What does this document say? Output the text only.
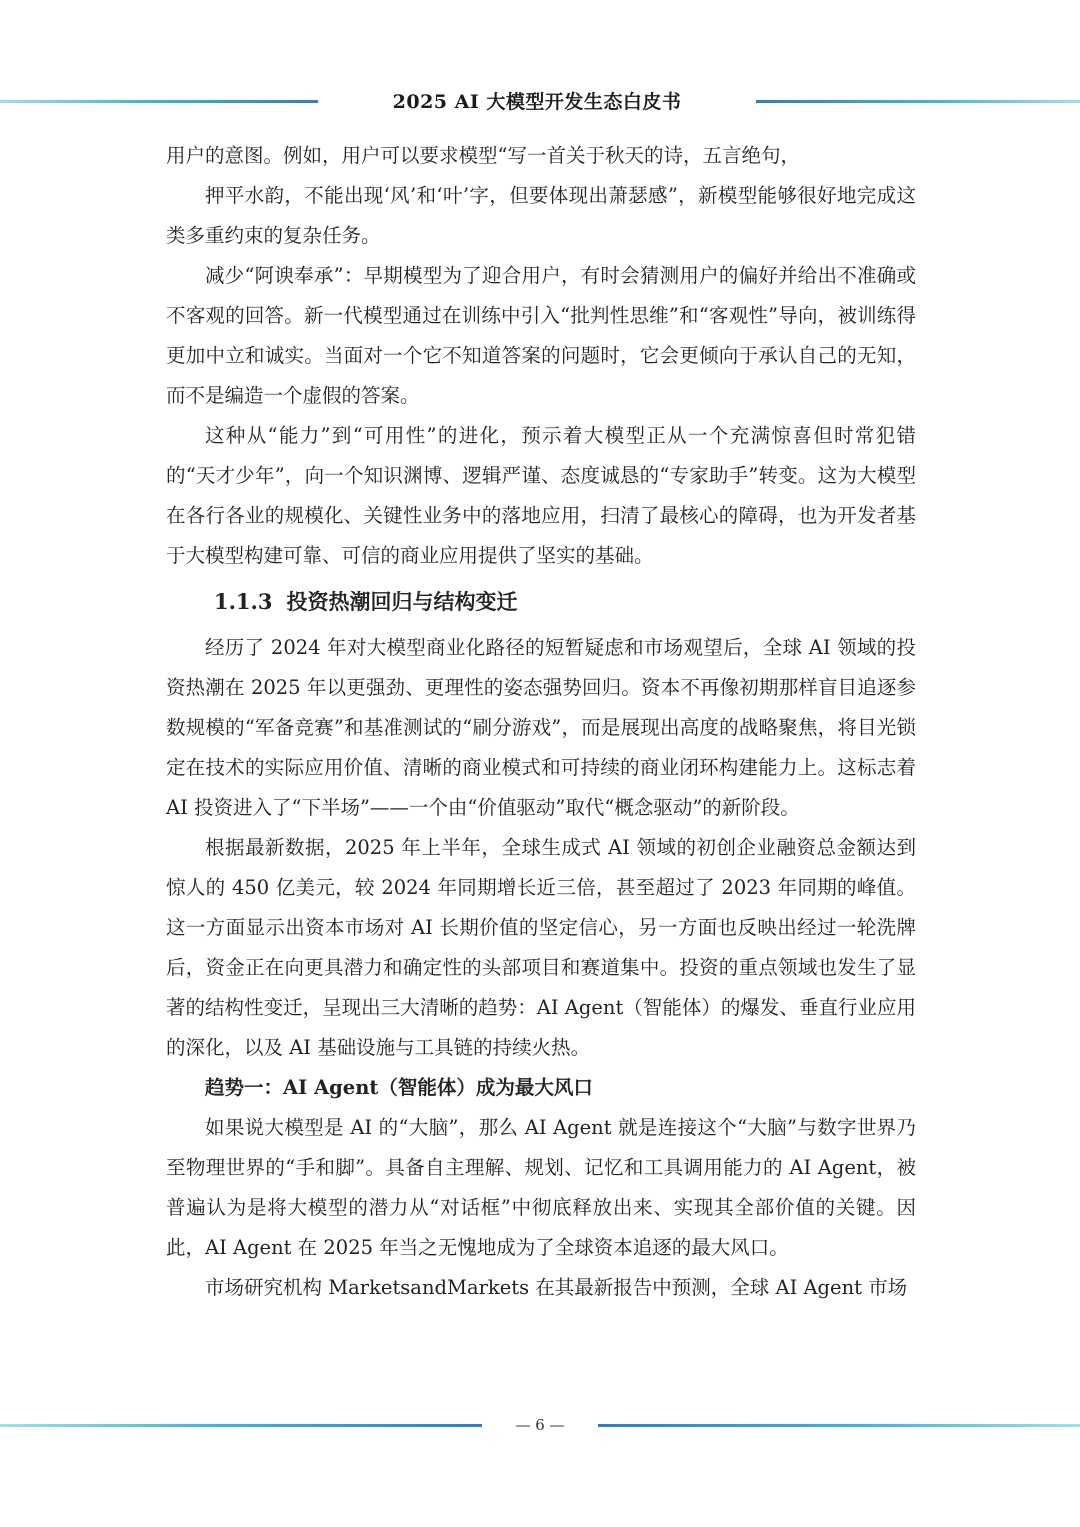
2025 AI 大模型开发生态白皮书

用户的意图。例如，用户可以要求模型“写一首关于秋天的诗，五言绝句，

押平水韵，不能出现‘风’和‘叶’字，但要体现出萧瑟感”，新模型能够很好地完成这类多重约束的复杂任务。

减少“阿谀奉承”：早期模型为了迎合用户，有时会猜测用户的偏好并给出不准确或不客观的回答。新一代模型通过在训练中引入“批判性思维”和“客观性”导向，被训练得更加中立和诚实。当面对一个它不知道答案的问题时，它会更倾向于承认自己的无知，而不是编造一个虚假的答案。

这种从“能力”到“可用性”的进化，预示着大模型正从一个充满惊喜但时常犯错的“天才少年”，向一个知识渊博、逻辑严谨、态度诚恳的“专家助手”转变。这为大模型在各行各业的规模化、关键性业务中的落地应用，扫清了最核心的障碍，也为开发者基于大模型构建可靠、可信的商业应用提供了坚实的基础。

1.1.3 投资热潮回归与结构变迁

经历了 2024 年对大模型商业化路径的短暂疑虑和市场观望后，全球 AI 领域的投资热潮在 2025 年以更强劲、更理性的姿态强势回归。资本不再像初期那样盲目追逐参数规模的“军备竞赛”和基准测试的“刷分游戏”，而是展现出高度的战略聚焦，将目光锁定在技术的实际应用价值、清晰的商业模式和可持续的商业闭环构建能力上。这标志着 AI 投资进入了“下半场”——一个由“价值驱动”取代“概念驱动”的新阶段。

根据最新数据，2025 年上半年，全球生成式 AI 领域的初创企业融资总金额达到惊人的 450 亿美元，较 2024 年同期增长近三倍，甚至超过了 2023 年同期的峰值。这一方面显示出资本市场对 AI 长期价值的坚定信心，另一方面也反映出经过一轮洗牌后，资金正在向更具潜力和确定性的头部项目和赛道集中。投资的重点领域也发生了显著的结构性变迁，呈现出三大清晰的趋势：AI Agent（智能体）的爆发、垂直行业应用的深化，以及 AI 基础设施与工具链的持续火热。

趋势一：AI Agent（智能体）成为最大风口

如果说大模型是 AI 的“大脑”，那么 AI Agent 就是连接这个“大脑”与数字世界乃至物理世界的“手和脚”。具备自主理解、规划、记忆和工具调用能力的 AI Agent，被普遍认为是将大模型的潜力从“对话框”中彻底释放出来、实现其全部价值的关键。因此，AI Agent 在 2025 年当之无愧地成为了全球资本追逐的最大风口。

市场研究机构 MarketsandMarkets 在其最新报告中预测，全球 AI Agent 市场

— 6 —
